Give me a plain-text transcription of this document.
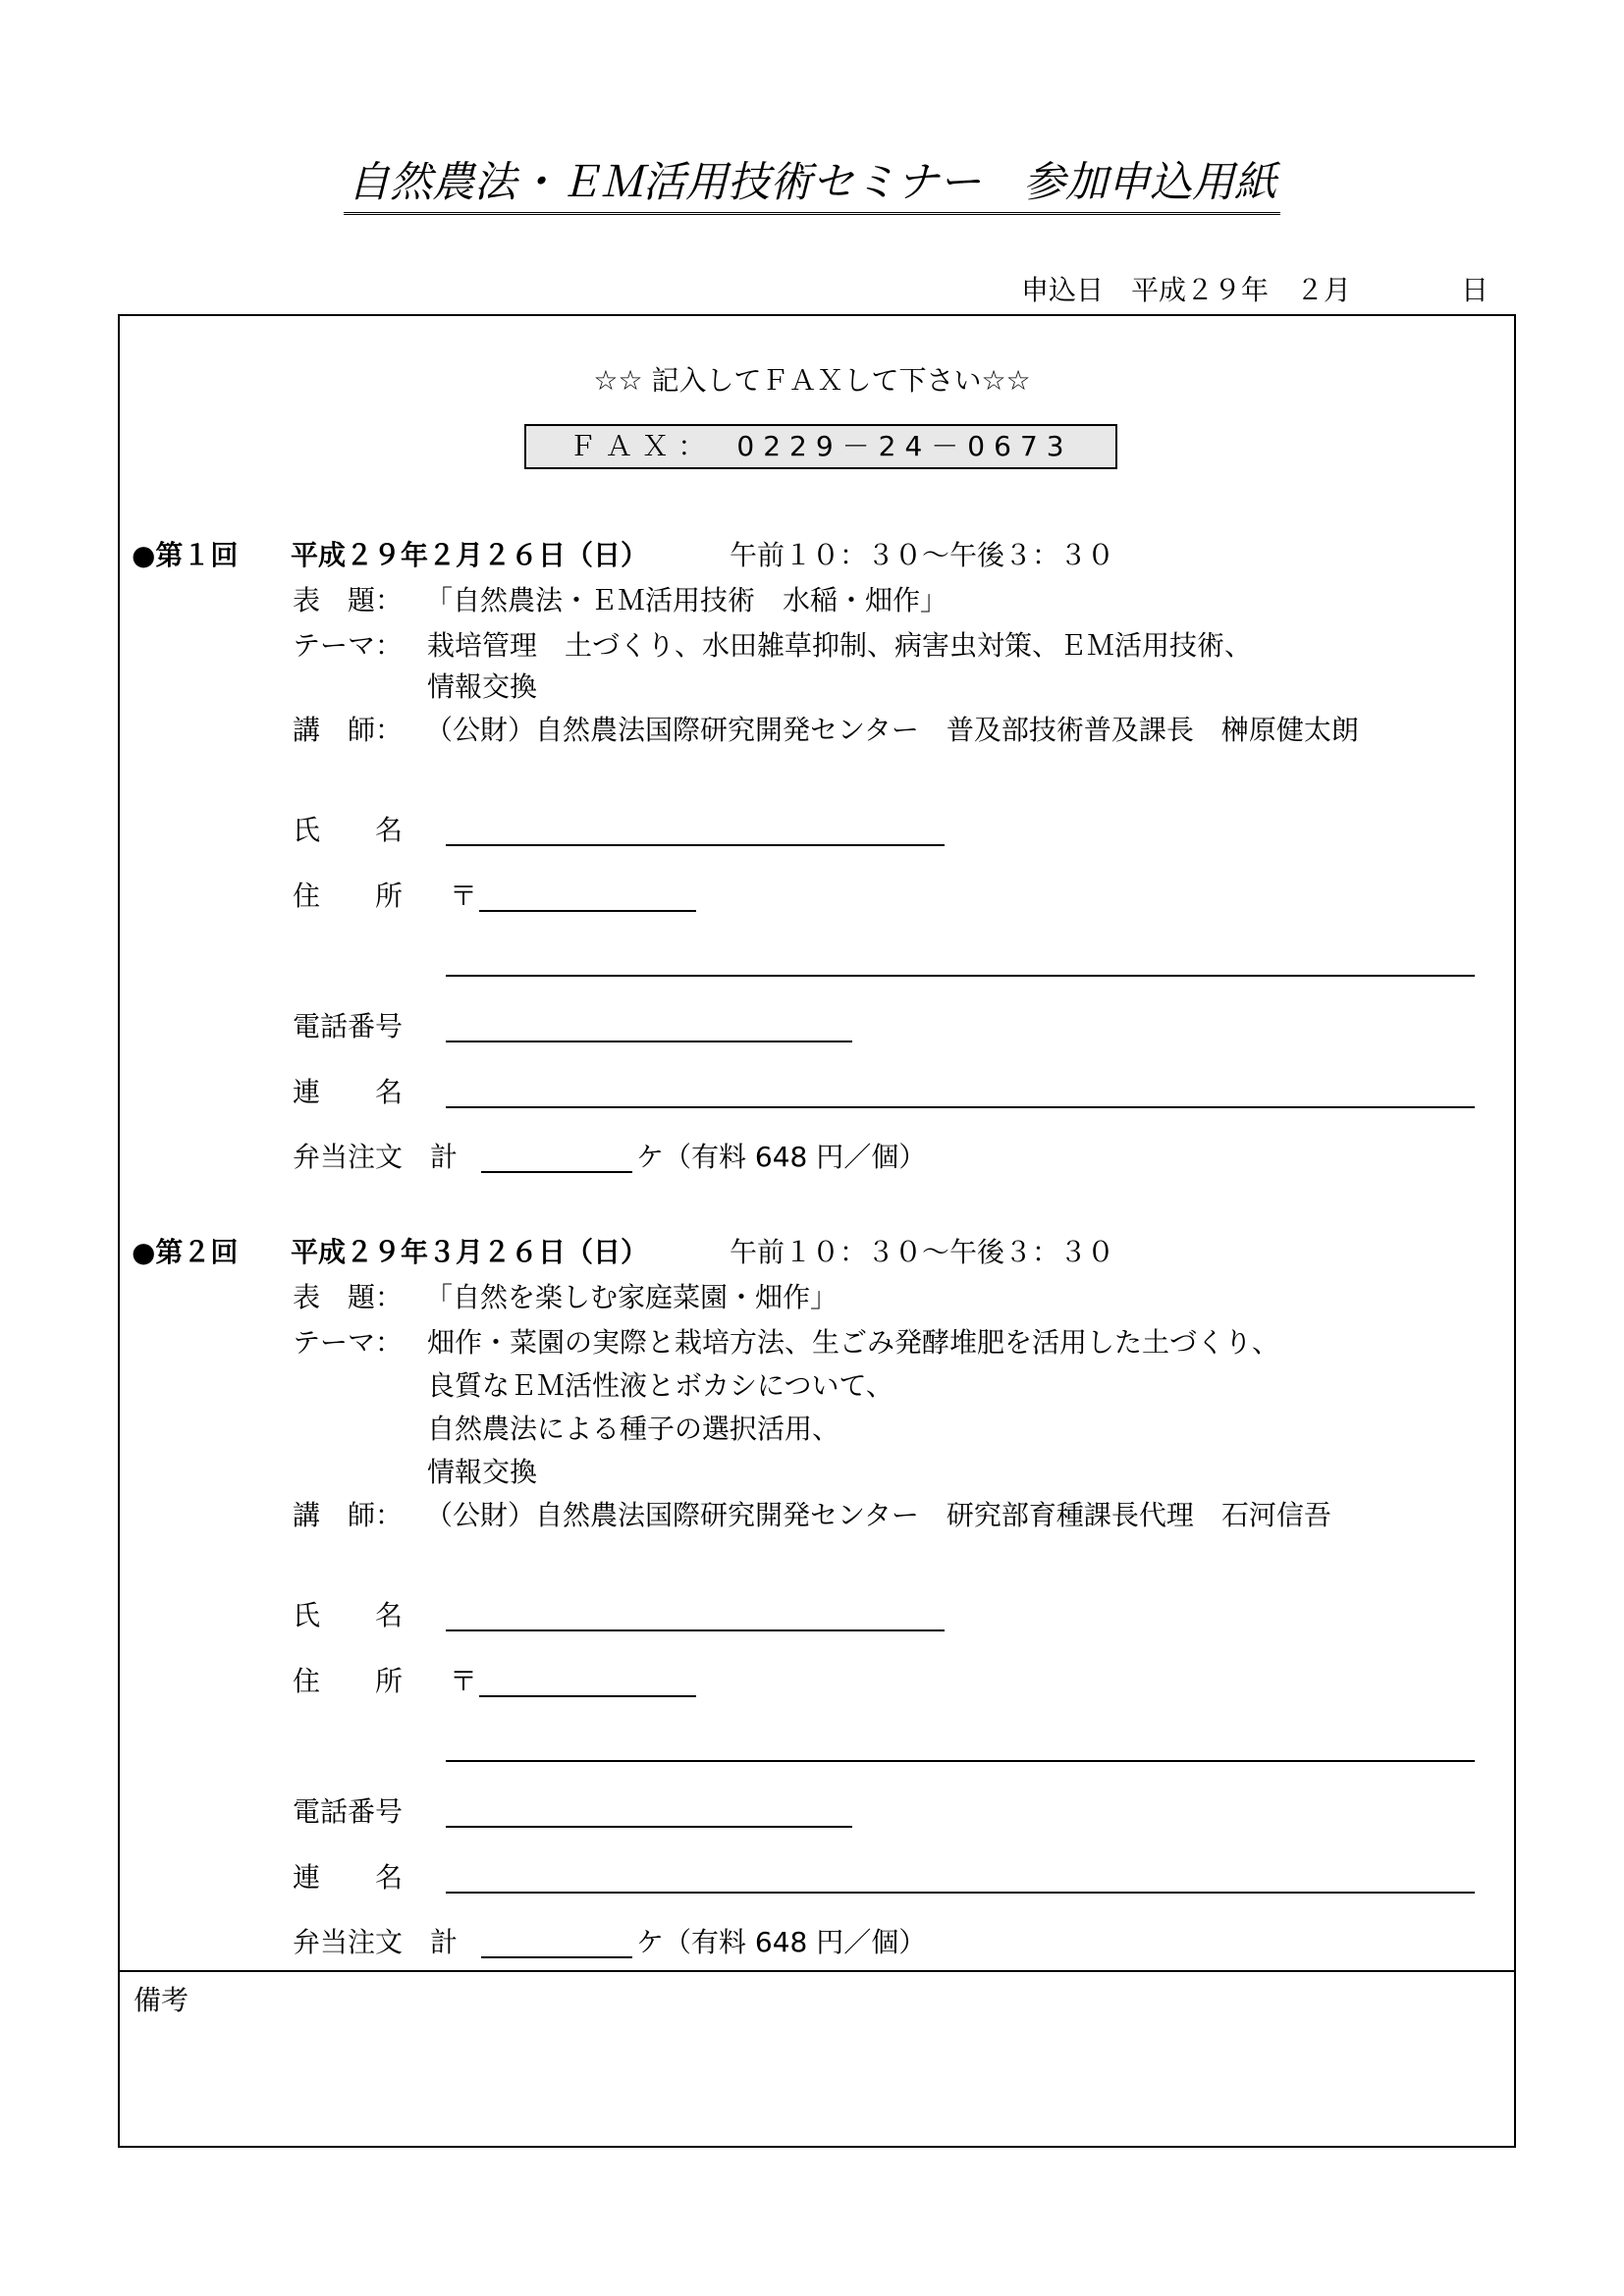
自然農法・ＥＭ活用技術セミナー　参加申込用紙
申込日　平成２９年　２月　　　　日
☆☆ 記入してＦＡＸして下さい☆☆
ＦＡＸ：　0229－24－0673
●第１回 平成２９年２月２６日（日）	午前１０：３０～午後３：３０
表　題： 「自然農法・ＥＭ活用技術　水稲・畑作」
テーマ： 栽培管理　土づくり、水田雑草抑制、病害虫対策、ＥＭ活用技術、
情報交換
講　師： （公財）自然農法国際研究開発センター　普及部技術普及課長　榊原健太朗
氏　　名
住　　所 〒
電話番号
連　　名
弁当注文　計	ケ（有料 648 円／個）
●第２回 平成２９年３月２６日（日）	午前１０：３０～午後３：３０
表　題： 「自然を楽しむ家庭菜園・畑作」
テーマ： 畑作・菜園の実際と栽培方法、生ごみ発酵堆肥を活用した土づくり、
良質なＥＭ活性液とボカシについて、
自然農法による種子の選択活用、
情報交換
講　師： （公財）自然農法国際研究開発センター　研究部育種課長代理　石河信吾
氏　　名
住　　所 〒
電話番号
連　　名
弁当注文　計	ケ（有料 648 円／個）
備考
